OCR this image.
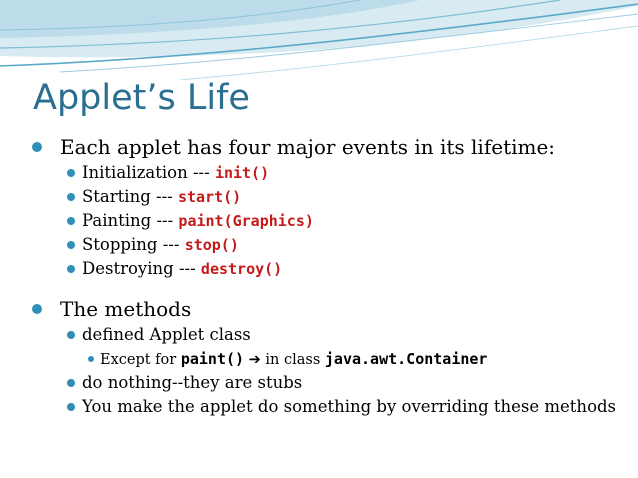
Applet’s Life
Each applet has four major events in its lifetime:
Initialization --- init()
Starting --- start()
Painting --- paint(Graphics)
Stopping --- stop()
Destroying --- destroy()
The methods
defined Applet class
Except for paint() ➔ in class java.awt.Container
do nothing--they are stubs
You make the applet do something by overriding these methods
